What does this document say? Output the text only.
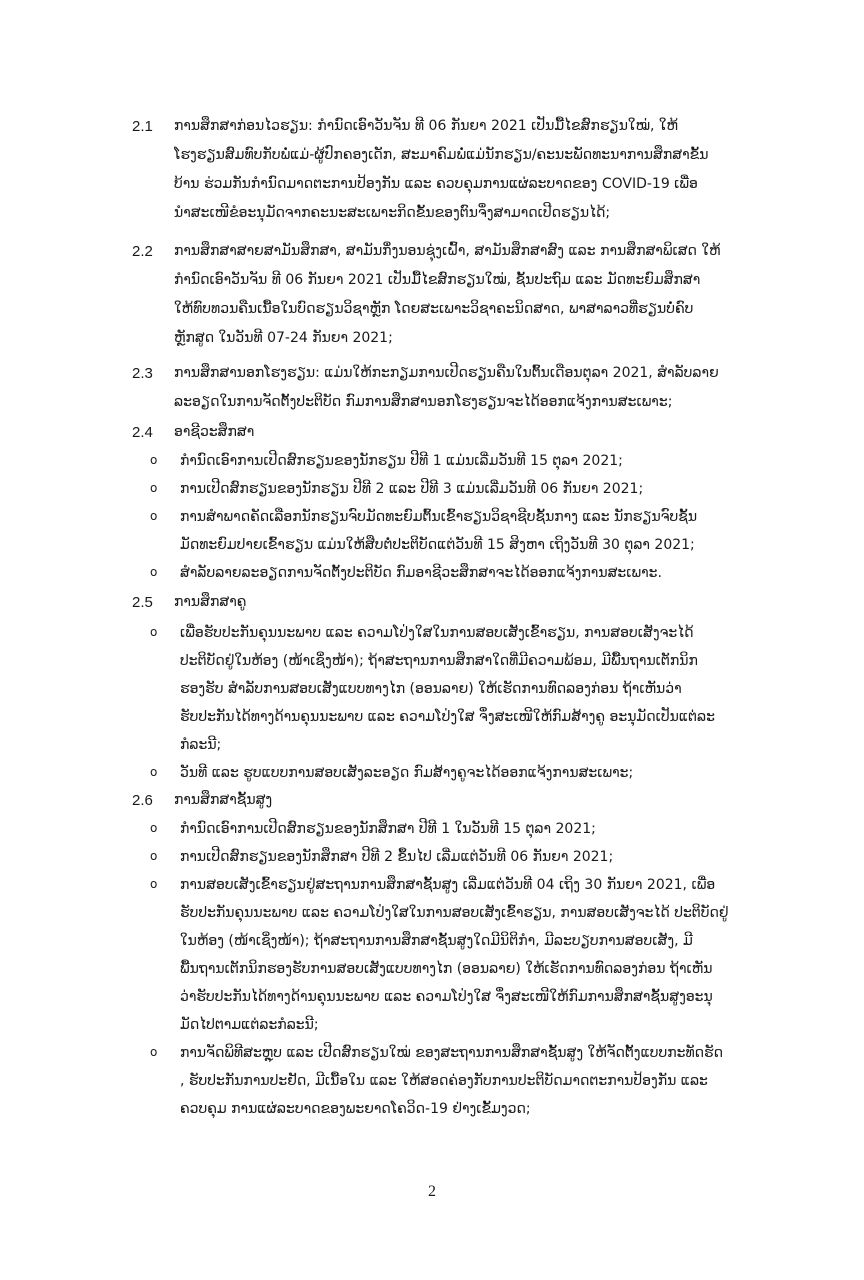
2.1	ການສຶກສາກ່ອນໄວຮຽນ: ກຳນົດເອົາວັນຈັນ ທີ 06 ກັນຍາ 2021 ເປັນມື້ໄຂສົກຮຽນໃໝ່, ໃຫ້
ໂຮງຮຽນສົມທົບກັບພໍ່ແມ່-ຜູ້ປົກຄອງເດັກ, ສະມາຄົມພໍ່ແມ່ນັກຮຽນ/ຄະນະພັດທະນາການສຶກສາຂັ້ນ
ບ້ານ ຮ່ວມກັນກຳນົດມາດຕະການປ້ອງກັນ ແລະ ຄວບຄຸມການແຜ່ລະບາດຂອງ COVID-19 ເພື່ອ
ນຳສະເໜີຂໍອະນຸມັດຈາກຄະນະສະເພາະກິດຂັ້ນຂອງຕົນຈຶ່ງສາມາດເປີດຮຽນໄດ້;
2.2	ການສຶກສາສາຍສາມັນສຶກສາ, ສາມັນກຶ່ງນອນຊຸ່ງເຝົ້າ, ສາມັນສຶກສາສົງ ແລະ ການສຶກສາພິເສດ ໃຫ້
ກຳນົດເອົາວັນຈັນ ທີ 06 ກັນຍາ 2021 ເປັນມື້ໄຂສົກຮຽນໃໝ່, ຊັ້ນປະຖົມ ແລະ ມັດທະຍົມສຶກສາ
ໃຫ້ທົບທວນຄືນເນື້ອໃນບົດຮຽນວິຊາຫຼັກ ໂດຍສະເພາະວິຊາຄະນິດສາດ, ພາສາລາວທີ່ຮຽນບໍ່ຄົບ
ຫຼັກສູດ ໃນວັນທີ 07-24 ກັນຍາ 2021;
2.3	ການສຶກສານອກໂຮງຮຽນ: ແມ່ນໃຫ້ກະກຽມການເປີດຮຽນຄືນໃນຕົ້ນເດືອນຕຸລາ 2021, ສຳລັບລາຍ
ລະອຽດໃນການຈັດຕັ້ງປະຕິບັດ ກົມການສຶກສານອກໂຮງຮຽນຈະໄດ້ອອກແຈ້ງການສະເພາະ;
2.4	ອາຊີວະສຶກສາ
o	ກຳນົດເອົາການເປີດສົກຮຽນຂອງນັກຮຽນ ປີທີ 1 ແມ່ນເລີ່ມວັນທີ 15 ຕຸລາ 2021;
o	ການເປີດສົກຮຽນຂອງນັກຮຽນ ປີທີ 2 ແລະ ປີທີ 3 ແມ່ນເລີ່ມວັນທີ 06 ກັນຍາ 2021;
o	ການສຳພາດຄັດເລືອກນັກຮຽນຈົບມັດທະຍົມຕົ້ນເຂົ້າຮຽນວິຊາຊີບຊັ້ນກາງ ແລະ ນັກຮຽນຈົບຊັ້ນ
ມັດທະຍົມປາຍເຂົ້າຮຽນ ແມ່ນໃຫ້ສືບຕໍ່ປະຕິບັດແຕ່ວັນທີ 15 ສິງຫາ ເຖິງວັນທີ 30 ຕຸລາ 2021;
o	ສຳລັບລາຍລະອຽດການຈັດຕັ້ງປະຕິບັດ ກົມອາຊີວະສຶກສາຈະໄດ້ອອກແຈ້ງການສະເພາະ.
2.5	ການສຶກສາຄູ
o	ເພື່ອຮັບປະກັນຄຸນນະພາບ ແລະ ຄວາມໂປ່ງໃສໃນການສອບເສັງເຂົ້າຮຽນ, ການສອບເສັງຈະໄດ້
ປະຕິບັດຢູ່ໃນຫ້ອງ (ໜ້າເຊິ່ງໜ້າ); ຖ້າສະຖານການສຶກສາໃດທີ່ມີຄວາມພ້ອມ, ມີພື້ນຖານເຕັກນິກ
ຮອງຮັບ ສຳລັບການສອບເສັງແບບທາງໄກ (ອອນລາຍ) ໃຫ້ເຮັດການທົດລອງກ່ອນ ຖ້າເຫັນວ່າ
ຮັບປະກັນໄດ້ທາງດ້ານຄຸນນະພາບ ແລະ ຄວາມໂປ່ງໃສ ຈຶ່ງສະເໜີໃຫ້ກົມສ້າງຄູ ອະນຸມັດເປັນແຕ່ລະ
ກໍລະນີ;
o	ວັນທີ ແລະ ຮູບແບບການສອບເສັງລະອຽດ ກົມສ້າງຄູຈະໄດ້ອອກແຈ້ງການສະເພາະ;
2.6	ການສຶກສາຊັ້ນສູງ
o	ກຳນົດເອົາການເປີດສົກຮຽນຂອງນັກສຶກສາ ປີທີ 1 ໃນວັນທີ 15 ຕຸລາ 2021;
o	ການເປີດສົກຮຽນຂອງນັກສຶກສາ ປີທີ 2 ຂຶ້ນໄປ ເລີ່ມແຕ່ວັນທີ 06 ກັນຍາ 2021;
o	ການສອບເສັງເຂົ້າຮຽນຢູ່ສະຖານການສຶກສາຊັ້ນສູງ ເລີ່ມແຕ່ວັນທີ 04 ເຖິງ 30 ກັນຍາ 2021, ເພື່ອ
ຮັບປະກັນຄຸນນະພາບ ແລະ ຄວາມໂປ່ງໃສໃນການສອບເສັງເຂົ້າຮຽນ, ການສອບເສັງຈະໄດ້ ປະຕິບັດຢູ່
ໃນຫ້ອງ (ໜ້າເຊິ່ງໜ້າ); ຖ້າສະຖານການສຶກສາຊັ້ນສູງໃດມີນິຕິກຳ, ມີລະບຽບການສອບເສັງ, ມີ
ພື້ນຖານເຕັກນິກຮອງຮັບການສອບເສັງແບບທາງໄກ (ອອນລາຍ) ໃຫ້ເຮັດການທົດລອງກ່ອນ ຖ້າເຫັນ
ວ່າຮັບປະກັນໄດ້ທາງດ້ານຄຸນນະພາບ ແລະ ຄວາມໂປ່ງໃສ ຈຶ່ງສະເໜີໃຫ້ກົມການສຶກສາຊັ້ນສູງອະນຸ
ມັດໄປຕາມແຕ່ລະກໍລະນີ;
o	ການຈັດພິທີສະຫຼຸບ ແລະ ເປີດສົກຮຽນໃໝ່ ຂອງສະຖານການສຶກສາຊັ້ນສູງ ໃຫ້ຈັດຕັ້ງແບບກະທັດຮັດ
, ຮັບປະກັນການປະຢັດ, ມີເນື້ອໃນ ແລະ ໃຫ້ສອດຄ່ອງກັບການປະຕິບັດມາດຕະການປ້ອງກັນ ແລະ
ຄວບຄຸມ ການແຜ່ລະບາດຂອງພະຍາດໂຄວິດ-19 ຢ່າງເຂັ້ມງວດ;
2
